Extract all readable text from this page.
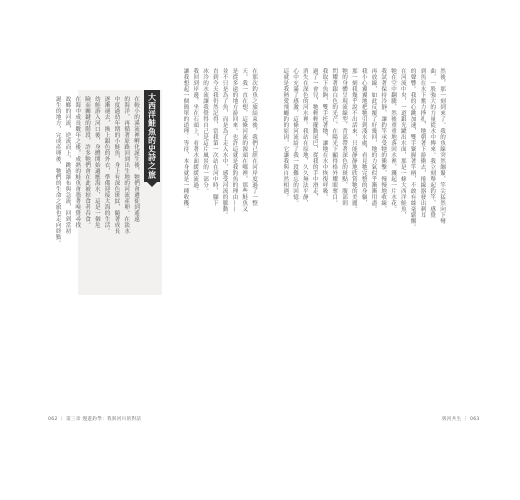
大西洋鮭魚的史詩之旅
在較小的溪流裡孵化誕生後，牠們會遷徙到遙遠
的海洋，再循著原路回到出生地的河流產卵。在淡水
中度過幼年期的小鮭魚，身上有深色斑紋，隨著成長
逐漸褪去，換上銀色的外衣，準備迎接大海的生活。
幼鮭游入河口後，身體開始適應海水，這是一個危
險而關鍵的階段，許多牠們會在此被掠食者吞食。
在海中成長數年之後，成熟的鮭魚會憑著嗅覺尋找
故鄉的河流，逆流而上，跳過瀑布與急流，回到當初
誕生的地方，完成產卵後，牠們的生命之旅也走向終點。	在那次釣魚之旅結束後，我們已經在河岸度過了一整
天。我一直在想，這條河流的源頭在哪裡，那些鮭魚又
是從多遠的地方游回來。也許這就是我釣魚的理由——
並不只是為了魚，而是為了走入水中，感受河流的脈動。
直到今天我仍然記得，當我第一次站在河中時，腳下
冰冷的水流讓我覺得自己是這片風景的一部分。
我回到岸邊，坐在石頭上，看著水面緩緩流過。
讓我想起一個簡單的道理：等待，本身就是一種收穫。	然後，那一刻到來了。我的魚線突然繃緊，竿尖猛然向下彎
曲，一股強大的力量從水中傳來。我立刻舉起釣竿，感覺
到魚在水下奮力掙扎，牠朝著下游衝去，捲線器發出刺耳
的聲響。我的心跳加速，雙手緊握著竿柄，不敢有絲毫鬆懈。
在河流中央，一道銀光躍出水面，那是一條大西洋鮭魚，
牠在空中翻騰，然後重重地落回水裡，濺起一片水花。
我試著保持冷靜，讓釣竿承受牠的衝擊，慢慢地收線，
再放線，如此反覆了好幾回，牠的力氣似乎漸漸用盡。
我小心翼翼地把牠引到淺水處，看見牠完整的身軀，
那一刻我幾乎說不出話來，只能靜靜地欣賞牠的美麗。
牠的身體呈現流線型，背部帶著深色的斑點，腹部則
閃耀著銀白色的光芒，在陽光下顯得格外耀眼奪目。
我取下魚鉤，雙手托著牠，讓牠在水中恢復呼吸。
過了一會兒，牠輕輕擺動尾巴，從我的手中滑走，
消失在深色的河水裡。我站在原地，久久無法平靜，
心中充滿了感激，這條河流給了我一段難忘的回憶。
這就是我熱愛飛蠅釣的原因，它讓我與自然相遇。
062 ｜ 第三章 慢遊釣學：我與河川的對話	與河共生 ｜ 063
